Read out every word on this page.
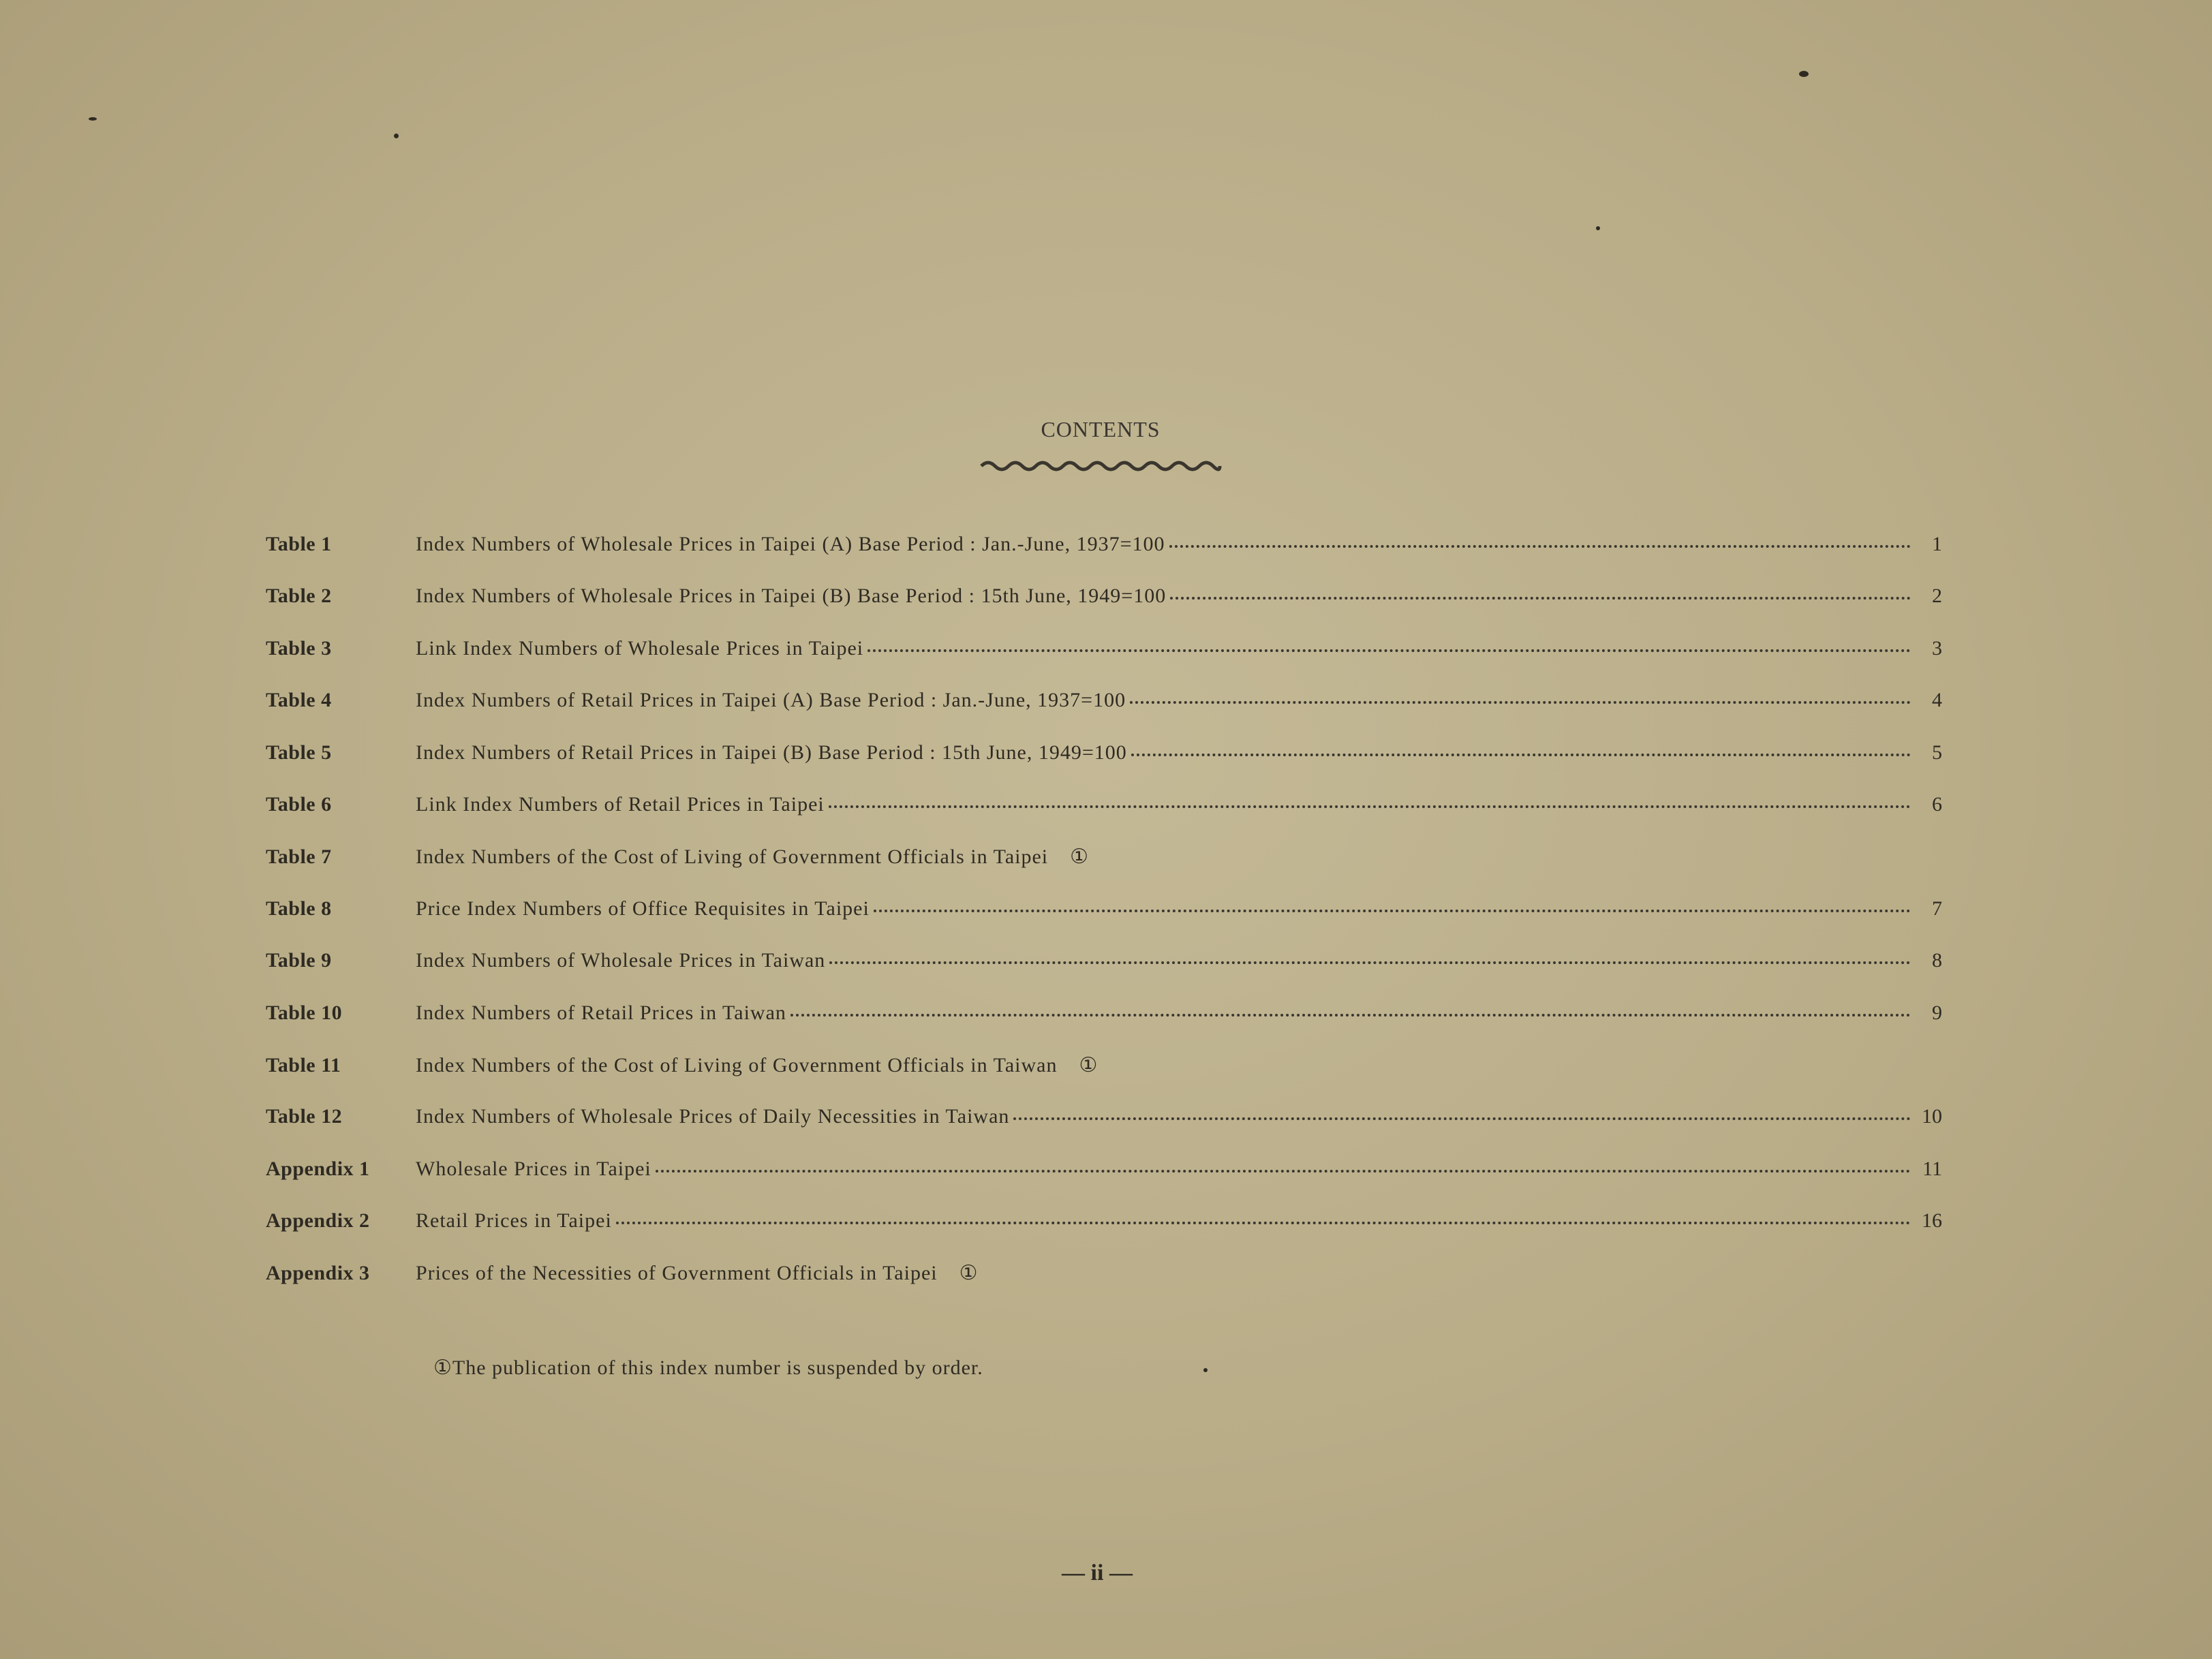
CONTENTS
Table 1	Index Numbers of Wholesale Prices in Taipei (A) Base Period : Jan.-June, 1937=100	1
Table 2	Index Numbers of Wholesale Prices in Taipei (B) Base Period : 15th June, 1949=100	2
Table 3	Link Index Numbers of Wholesale Prices in Taipei	3
Table 4	Index Numbers of Retail Prices in Taipei (A) Base Period : Jan.-June, 1937=100	4
Table 5	Index Numbers of Retail Prices in Taipei (B) Base Period : 15th June, 1949=100	5
Table 6	Link Index Numbers of Retail Prices in Taipei	6
Table 7	Index Numbers of the Cost of Living of Government Officials in Taipei ①
Table 8	Price Index Numbers of Office Requisites in Taipei	7
Table 9	Index Numbers of Wholesale Prices in Taiwan	8
Table 10	Index Numbers of Retail Prices in Taiwan	9
Table 11	Index Numbers of the Cost of Living of Government Officials in Taiwan ①
Table 12	Index Numbers of Wholesale Prices of Daily Necessities in Taiwan	10
Appendix 1	Wholesale Prices in Taipei	11
Appendix 2	Retail Prices in Taipei	16
Appendix 3	Prices of the Necessities of Government Officials in Taipei ①
①The publication of this index number is suspended by order.
— ii —
